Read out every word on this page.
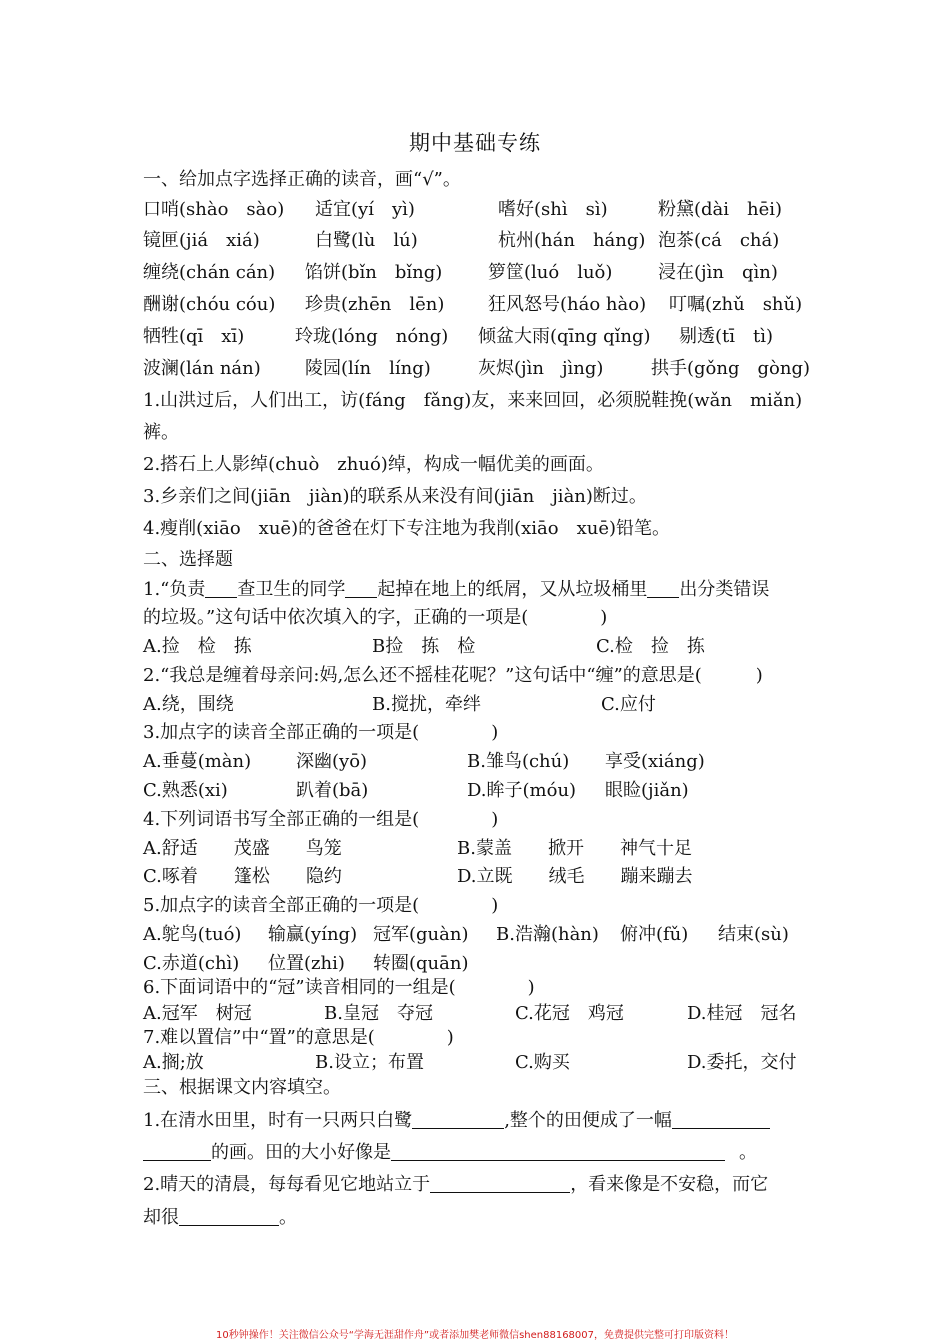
期中基础专练
一、给加点字选择正确的读音，画“√”。
口哨(shào　sào) 适宜(yí　yì)	嗜好(shì　sì)	粉黛(dài　hēi)
镜匣(jiá　xiá)	白鹭(lù　lú)	杭州(hán　háng) 泡茶(cá　chá)
缠绕(chán cán) 馅饼(bǐn　bǐng)	箩筐(luó　luǒ)	浸在(jìn　qìn)
酬谢(chóu cóu) 珍贵(zhēn　lēn) 狂风怒号(háo hào) 叮嘱(zhǔ　shǔ)
牺牲(qī　xī)	玲珑(lóng　nóng) 倾盆大雨(qīng qǐng) 剔透(tī　tì)
波澜(lán nán) 陵园(lín　líng)	灰烬(jìn　jìng)	拱手(gǒng　gòng)
1.山洪过后，人们出工，访(fáng　fǎng)友，来来回回，必须脱鞋挽(wǎn　miǎn)
裤。
2.搭石上人影绰(chuò　zhuó)绰，构成一幅优美的画面。
3.乡亲们之间(jiān　jiàn)的联系从来没有间(jiān　jiàn)断过。
4.瘦削(xiāo　xuē)的爸爸在灯下专注地为我削(xiāo　xuē)铅笔。
二、选择题
1.“负责 查卫生的同学 起掉在地上的纸屑，又从垃圾桶里 出分类错误
的垃圾。”这句话中依次填入的字，正确的一项是(　　　　)
A.捡　检　拣	B捡　拣　检	C.检　捡　拣
2.“我总是缠着母亲问:妈,怎么还不摇桂花呢？”这句话中“缠”的意思是(　　　)
A.绕，围绕	B.搅扰，牵绊	C.应付
3.加点字的读音全部正确的一项是(　　　　)
A.垂蔓(màn) 深幽(yō)	B.雏鸟(chú) 享受(xiáng)
C.熟悉(xi)	趴着(bā)	D.眸子(móu) 眼睑(jiǎn)
4.下列词语书写全部正确的一组是(　　　　)
A.舒适　　茂盛　　鸟笼	B.蒙盖　　掀开　　神气十足
C.啄着　　篷松　　隐约	D.立既　　绒毛　　蹦来蹦去
5.加点字的读音全部正确的一项是(　　　　)
A.鸵鸟(tuó) 输赢(yíng) 冠军(guàn) B.浩瀚(hàn) 俯冲(fǔ) 结束(sù)
C.赤道(chì) 位置(zhi) 转圈(quān)
6.下面词语中的“冠”读音相同的一组是(　　　　)
A.冠军　树冠	B.皇冠　夺冠	C.花冠　鸡冠	D.桂冠　冠名
7.难以置信”中“置”的意思是(　　　　)
A.搁;放	B.设立；布置	C.购买	D.委托，交付
三、根据课文内容填空。
1.在清水田里，时有一只两只白鹭	,整个的田便成了一幅
的画。田的大小好像是	。
2.晴天的清晨，每每看见它地站立于	，看来像是不安稳，而它
却很	。
10秒钟操作！关注微信公众号“学海无涯甜作舟”或者添加樊老师微信shen88168007，免费提供完整可打印版资料！
